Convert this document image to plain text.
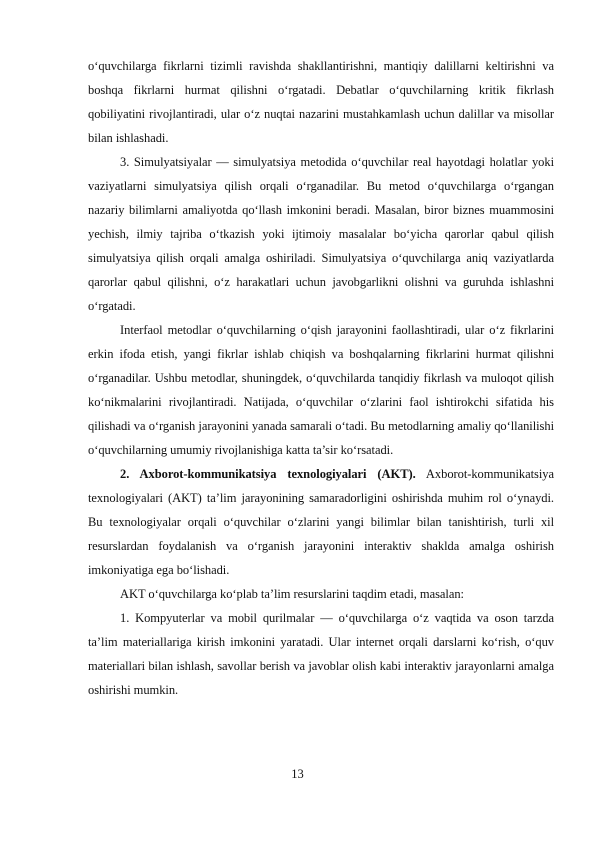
o‘quvchilarga fikrlarni tizimli ravishda shakllantirishni, mantiqiy dalillarni keltirishni va boshqa fikrlarni hurmat qilishni o‘rgatadi. Debatlar o‘quvchilarning kritik fikrlash qobiliyatini rivojlantiradi, ular o‘z nuqtai nazarini mustahkamlash uchun dalillar va misollar bilan ishlashadi.

3. Simulyatsiyalar — simulyatsiya metodida o‘quvchilar real hayotdagi holatlar yoki vaziyatlarni simulyatsiya qilish orqali o‘rganadilar. Bu metod o‘quvchilarga o‘rgangan nazariy bilimlarni amaliyotda qo‘llash imkonini beradi. Masalan, biror biznes muammosini yechish, ilmiy tajriba o‘tkazish yoki ijtimoiy masalalar bo‘yicha qarorlar qabul qilish simulyatsiya qilish orqali amalga oshiriladi. Simulyatsiya o‘quvchilarga aniq vaziyatlarda qarorlar qabul qilishni, o‘z harakatlari uchun javobgarlikni olishni va guruhda ishlashni o‘rgatadi.

Interfaol metodlar o‘quvchilarning o‘qish jarayonini faollashtiradi, ular o‘z fikrlarini erkin ifoda etish, yangi fikrlar ishlab chiqish va boshqalarning fikrlarini hurmat qilishni o‘rganadilar. Ushbu metodlar, shuningdek, o‘quvchilarda tanqidiy fikrlash va muloqot qilish ko‘nikmalarini rivojlantiradi. Natijada, o‘quvchilar o‘zlarini faol ishtirokchi sifatida his qilishadi va o‘rganish jarayonini yanada samarali o‘tadi. Bu metodlarning amaliy qo‘llanilishi o‘quvchilarning umumiy rivojlanishiga katta ta’sir ko‘rsatadi.

2. Axborot-kommunikatsiya texnologiyalari (AKT). Axborot-kommunikatsiya texnologiyalari (AKT) ta’lim jarayonining samaradorligini oshirishda muhim rol o‘ynaydi. Bu texnologiyalar orqali o‘quvchilar o‘zlarini yangi bilimlar bilan tanishtirish, turli xil resurslardan foydalanish va o‘rganish jarayonini interaktiv shaklda amalga oshirish imkoniyatiga ega bo‘lishadi.

AKT o‘quvchilarga ko‘plab ta’lim resurslarini taqdim etadi, masalan:

1. Kompyuterlar va mobil qurilmalar — o‘quvchilarga o‘z vaqtida va oson tarzda ta’lim materiallariga kirish imkonini yaratadi. Ular internet orqali darslarni ko‘rish, o‘quv materiallari bilan ishlash, savollar berish va javoblar olish kabi interaktiv jarayonlarni amalga oshirishi mumkin.

13
